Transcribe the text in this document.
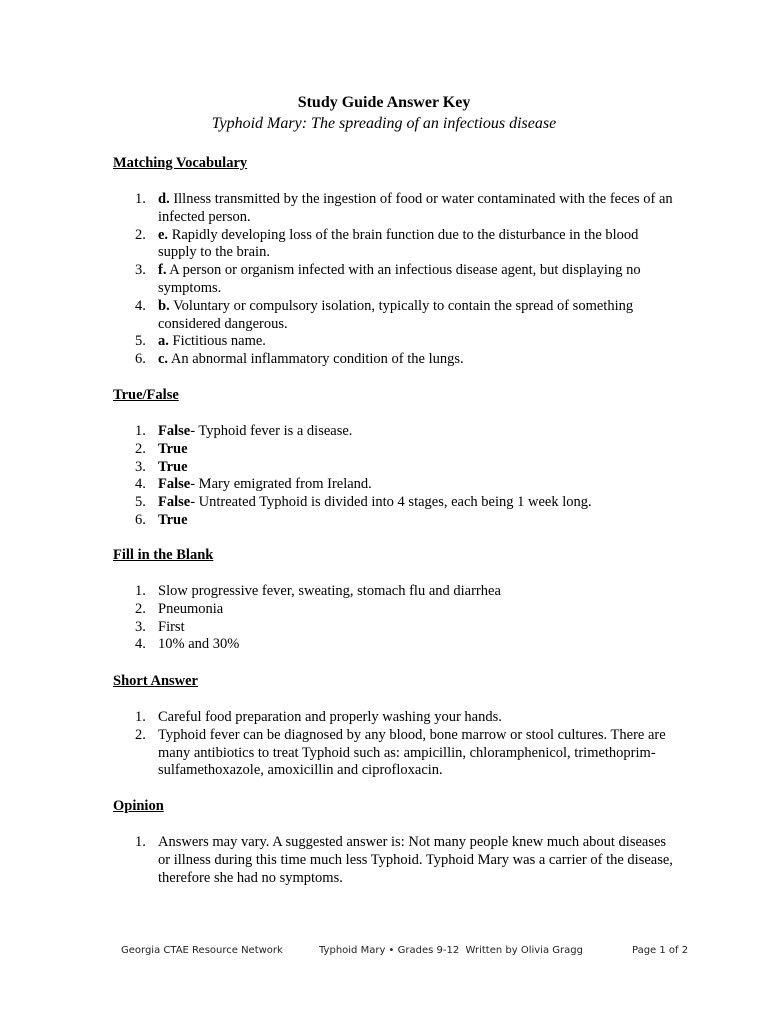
Study Guide Answer Key
Typhoid Mary: The spreading of an infectious disease
Matching Vocabulary
1. d. Illness transmitted by the ingestion of food or water contaminated with the feces of an infected person.
2. e. Rapidly developing loss of the brain function due to the disturbance in the blood supply to the brain.
3. f. A person or organism infected with an infectious disease agent, but displaying no symptoms.
4. b. Voluntary or compulsory isolation, typically to contain the spread of something considered dangerous.
5. a. Fictitious name.
6. c. An abnormal inflammatory condition of the lungs.
True/False
1. False- Typhoid fever is a disease.
2. True
3. True
4. False- Mary emigrated from Ireland.
5. False- Untreated Typhoid is divided into 4 stages, each being 1 week long.
6. True
Fill in the Blank
1. Slow progressive fever, sweating, stomach flu and diarrhea
2. Pneumonia
3. First
4. 10% and 30%
Short Answer
1. Careful food preparation and properly washing your hands.
2. Typhoid fever can be diagnosed by any blood, bone marrow or stool cultures. There are many antibiotics to treat Typhoid such as: ampicillin, chloramphenicol, trimethoprim-sulfamethoxazole, amoxicillin and ciprofloxacin.
Opinion
1. Answers may vary. A suggested answer is: Not many people knew much about diseases or illness during this time much less Typhoid. Typhoid Mary was a carrier of the disease, therefore she had no symptoms.
Georgia CTAE Resource Network	Typhoid Mary • Grades 9-12  Written by Olivia Gragg	Page 1 of 2
